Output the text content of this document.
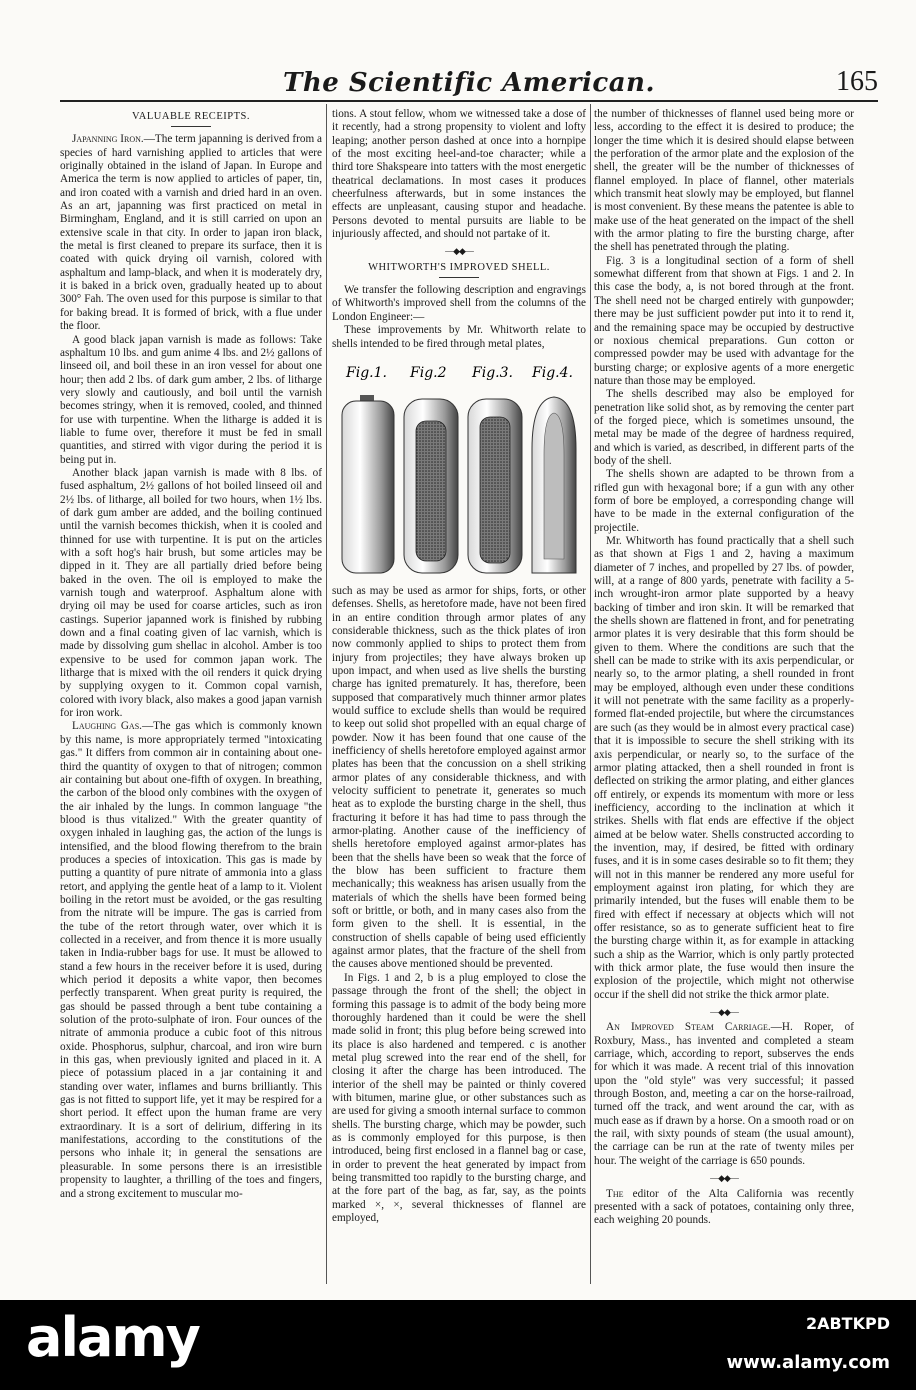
The Scientific American.	165
VALUABLE RECEIPTS.

Japanning Iron.—The term japanning is derived from a species of hard varnishing applied to articles that were originally obtained in the island of Japan. In Europe and America the term is now applied to articles of paper, tin, and iron coated with a varnish and dried hard in an oven. As an art, japanning was first practiced on metal in Birmingham, England, and it is still carried on upon an extensive scale in that city. In order to japan iron black, the metal is first cleaned to prepare its surface, then it is coated with quick drying oil varnish, colored with asphaltum and lamp-black, and when it is moderately dry, it is baked in a brick oven, gradually heated up to about 300° Fah. The oven used for this purpose is similar to that for baking bread. It is formed of brick, with a flue under the floor.

A good black japan varnish is made as follows: Take asphaltum 10 lbs. and gum anime 4 lbs. and 2½ gallons of linseed oil, and boil these in an iron vessel for about one hour; then add 2 lbs. of dark gum amber, 2 lbs. of litharge very slowly and cautiously, and boil until the varnish becomes stringy, when it is removed, cooled, and thinned for use with turpentine. When the litharge is added it is liable to fume over, therefore it must be fed in small quantities, and stirred with vigor during the period it is being put in.

Another black japan varnish is made with 8 lbs. of fused asphaltum, 2½ gallons of hot boiled linseed oil and 2½ lbs. of litharge, all boiled for two hours, when 1½ lbs. of dark gum amber are added, and the boiling continued until the varnish becomes thickish, when it is cooled and thinned for use with turpentine. It is put on the articles with a soft hog's hair brush, but some articles may be dipped in it. They are all partially dried before being baked in the oven. The oil is employed to make the varnish tough and waterproof. Asphaltum alone with drying oil may be used for coarse articles, such as iron castings. Superior japanned work is finished by rubbing down and a final coating given of lac varnish, which is made by dissolving gum shellac in alcohol. Amber is too expensive to be used for common japan work. The litharge that is mixed with the oil renders it quick drying by supplying oxygen to it. Common copal varnish, colored with ivory black, also makes a good japan varnish for iron work.

Laughing Gas.—The gas which is commonly known by this name, is more appropriately termed "intoxicating gas." It differs from common air in containing about one-third the quantity of oxygen to that of nitrogen; common air containing but about one-fifth of oxygen. In breathing, the carbon of the blood only combines with the oxygen of the air inhaled by the lungs. In common language "the blood is thus vitalized." With the greater quantity of oxygen inhaled in laughing gas, the action of the lungs is intensified, and the blood flowing therefrom to the brain produces a species of intoxication. This gas is made by putting a quantity of pure nitrate of ammonia into a glass retort, and applying the gentle heat of a lamp to it. Violent boiling in the retort must be avoided, or the gas resulting from the nitrate will be impure. The gas is carried from the tube of the retort through water, over which it is collected in a receiver, and from thence it is more usually taken in India-rubber bags for use. It must be allowed to stand a few hours in the receiver before it is used, during which period it deposits a white vapor, then becomes perfectly transparent. When great purity is required, the gas should be passed through a bent tube containing a solution of the proto-sulphate of iron. Four ounces of the nitrate of ammonia produce a cubic foot of this nitrous oxide. Phosphorus, sulphur, charcoal, and iron wire burn in this gas, when previously ignited and placed in it. A piece of potassium placed in a jar containing it and standing over water, inflames and burns brilliantly. This gas is not fitted to support life, yet it may be respired for a short period. It effect upon the human frame are very extraordinary. It is a sort of delirium, differing in its manifestations, according to the constitutions of the persons who inhale it; in general the sensations are pleasurable. In some persons there is an irresistible propensity to laughter, a thrilling of the toes and fingers, and a strong excitement to muscular mo-

tions. A stout fellow, whom we witnessed take a dose of it recently, had a strong propensity to violent and lofty leaping; another person dashed at once into a hornpipe of the most exciting heel-and-toe character; while a third tore Shakspeare into tatters with the most energetic theatrical declamations. In most cases it produces cheerfulness afterwards, but in some instances the effects are unpleasant, causing stupor and headache. Persons devoted to mental pursuits are liable to be injuriously affected, and should not partake of it.

—◆◆—
WHITWORTH'S IMPROVED SHELL.

We transfer the following description and engravings of Whitworth's improved shell from the columns of the London Engineer:—

These improvements by Mr. Whitworth relate to shells intended to be fired through metal plates,

Fig.1. Fig.2 Fig.3. Fig.4.

such as may be used as armor for ships, forts, or other defenses. Shells, as heretofore made, have not been fired in an entire condition through armor plates of any considerable thickness, such as the thick plates of iron now commonly applied to ships to protect them from injury from projectiles; they have always broken up upon impact, and when used as live shells the bursting charge has ignited prematurely. It has, therefore, been supposed that comparatively much thinner armor plates would suffice to exclude shells than would be required to keep out solid shot propelled with an equal charge of powder. Now it has been found that one cause of the inefficiency of shells heretofore employed against armor plates has been that the concussion on a shell striking armor plates of any considerable thickness, and with velocity sufficient to penetrate it, generates so much heat as to explode the bursting charge in the shell, thus fracturing it before it has had time to pass through the armor-plating. Another cause of the inefficiency of shells heretofore employed against armor-plates has been that the shells have been so weak that the force of the blow has been sufficient to fracture them mechanically; this weakness has arisen usually from the materials of which the shells have been formed being soft or brittle, or both, and in many cases also from the form given to the shell. It is essential, in the construction of shells capable of being used efficiently against armor plates, that the fracture of the shell from the causes above mentioned should be prevented.

In Figs. 1 and 2, b is a plug employed to close the passage through the front of the shell; the object in forming this passage is to admit of the body being more thoroughly hardened than it could be were the shell made solid in front; this plug before being screwed into its place is also hardened and tempered. c is another metal plug screwed into the rear end of the shell, for closing it after the charge has been introduced. The interior of the shell may be painted or thinly covered with bitumen, marine glue, or other substances such as are used for giving a smooth internal surface to common shells. The bursting charge, which may be powder, such as is commonly employed for this purpose, is then introduced, being first enclosed in a flannel bag or case, in order to prevent the heat generated by impact from being transmitted too rapidly to the bursting charge, and at the fore part of the bag, as far, say, as the points marked ×, ×, several thicknesses of flannel are employed,

the number of thicknesses of flannel used being more or less, according to the effect it is desired to produce; the longer the time which it is desired should elapse between the perforation of the armor plate and the explosion of the shell, the greater will be the number of thicknesses of flannel employed. In place of flannel, other materials which transmit heat slowly may be employed, but flannel is most convenient. By these means the patentee is able to make use of the heat generated on the impact of the shell with the armor plating to fire the bursting charge, after the shell has penetrated through the plating.

Fig. 3 is a longitudinal section of a form of shell somewhat different from that shown at Figs. 1 and 2. In this case the body, a, is not bored through at the front. The shell need not be charged entirely with gunpowder; there may be just sufficient powder put into it to rend it, and the remaining space may be occupied by destructive or noxious chemical preparations. Gun cotton or compressed powder may be used with advantage for the bursting charge; or explosive agents of a more energetic nature than those may be employed.

The shells described may also be employed for penetration like solid shot, as by removing the center part of the forged piece, which is sometimes unsound, the metal may be made of the degree of hardness required, and which is varied, as described, in different parts of the body of the shell.

The shells shown are adapted to be thrown from a rifled gun with hexagonal bore; if a gun with any other form of bore be employed, a corresponding change will have to be made in the external configuration of the projectile.

Mr. Whitworth has found practically that a shell such as that shown at Figs 1 and 2, having a maximum diameter of 7 inches, and propelled by 27 lbs. of powder, will, at a range of 800 yards, penetrate with facility a 5-inch wrought-iron armor plate supported by a heavy backing of timber and iron skin. It will be remarked that the shells shown are flattened in front, and for penetrating armor plates it is very desirable that this form should be given to them. Where the conditions are such that the shell can be made to strike with its axis perpendicular, or nearly so, to the armor plating, a shell rounded in front may be employed, although even under these conditions it will not penetrate with the same facility as a properly-formed flat-ended projectile, but where the circumstances are such (as they would be in almost every practical case) that it is impossible to secure the shell striking with its axis perpendicular, or nearly so, to the surface of the armor plating attacked, then a shell rounded in front is deflected on striking the armor plating, and either glances off entirely, or expends its momentum with more or less inefficiency, according to the inclination at which it strikes. Shells with flat ends are effective if the object aimed at be below water. Shells constructed according to the invention, may, if desired, be fitted with ordinary fuses, and it is in some cases desirable so to fit them; they will not in this manner be rendered any more useful for employment against iron plating, for which they are primarily intended, but the fuses will enable them to be fired with effect if necessary at objects which will not offer resistance, so as to generate sufficient heat to fire the bursting charge within it, as for example in attacking such a ship as the Warrior, which is only partly protected with thick armor plate, the fuse would then insure the explosion of the projectile, which might not otherwise occur if the shell did not strike the thick armor plate.

—◆◆—

An Improved Steam Carriage.—H. Roper, of Roxbury, Mass., has invented and completed a steam carriage, which, according to report, subserves the ends for which it was made. A recent trial of this innovation upon the "old style" was very successful; it passed through Boston, and, meeting a car on the horse-railroad, turned off the track, and went around the car, with as much ease as if drawn by a horse. On a smooth road or on the rail, with sixty pounds of steam (the usual amount), the carriage can be run at the rate of twenty miles per hour. The weight of the carriage is 650 pounds.

—◆◆—

The editor of the Alta California was recently presented with a sack of potatoes, containing only three, each weighing 20 pounds.

alamy	2ABTKPD
www.alamy.com
